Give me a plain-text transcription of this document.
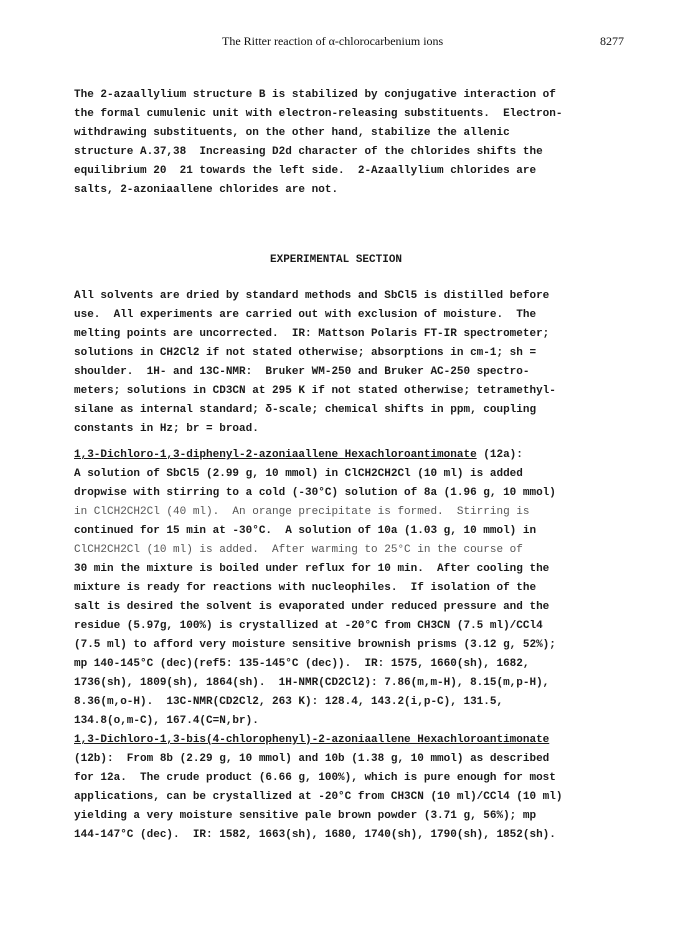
The Ritter reaction of α-chlorocarbenium ions	8277
The 2-azaallylium structure B is stabilized by conjugative interaction of
the formal cumulenic unit with electron-releasing substituents.  Electron-
withdrawing substituents, on the other hand, stabilize the allenic
structure A.37,38  Increasing D2d character of the chlorides shifts the
equilibrium 20  21 towards the left side.  2-Azaallylium chlorides are
salts, 2-azoniaallene chlorides are not.
EXPERIMENTAL SECTION
All solvents are dried by standard methods and SbCl5 is distilled before
use.  All experiments are carried out with exclusion of moisture.  The
melting points are uncorrected.  IR: Mattson Polaris FT-IR spectrometer;
solutions in CH2Cl2 if not stated otherwise; absorptions in cm-1; sh =
shoulder.  1H- and 13C-NMR:  Bruker WM-250 and Bruker AC-250 spectro-
meters; solutions in CD3CN at 295 K if not stated otherwise; tetramethyl-
silane as internal standard; δ-scale; chemical shifts in ppm, coupling
constants in Hz; br = broad.
1,3-Dichloro-1,3-diphenyl-2-azoniaallene Hexachloroantimonate (12a):
A solution of SbCl5 (2.99 g, 10 mmol) in ClCH2CH2Cl (10 ml) is added
dropwise with stirring to a cold (-30°C) solution of 8a (1.96 g, 10 mmol)
in ClCH2CH2Cl (40 ml).  An orange precipitate is formed.  Stirring is
continued for 15 min at -30°C.  A solution of 10a (1.03 g, 10 mmol) in
ClCH2CH2Cl (10 ml) is added.  After warming to 25°C in the course of
30 min the mixture is boiled under reflux for 10 min.  After cooling the
mixture is ready for reactions with nucleophiles.  If isolation of the
salt is desired the solvent is evaporated under reduced pressure and the
residue (5.97g, 100%) is crystallized at -20°C from CH3CN (7.5 ml)/CCl4
(7.5 ml) to afford very moisture sensitive brownish prisms (3.12 g, 52%);
mp 140-145°C (dec)(ref5: 135-145°C (dec)).  IR: 1575, 1660(sh), 1682,
1736(sh), 1809(sh), 1864(sh).  1H-NMR(CD2Cl2): 7.86(m,m-H), 8.15(m,p-H),
8.36(m,o-H).  13C-NMR(CD2Cl2, 263 K): 128.4, 143.2(i,p-C), 131.5,
134.8(o,m-C), 167.4(C=N,br).
1,3-Dichloro-1,3-bis(4-chlorophenyl)-2-azoniaallene Hexachloroantimonate
(12b):  From 8b (2.29 g, 10 mmol) and 10b (1.38 g, 10 mmol) as described
for 12a.  The crude product (6.66 g, 100%), which is pure enough for most
applications, can be crystallized at -20°C from CH3CN (10 ml)/CCl4 (10 ml)
yielding a very moisture sensitive pale brown powder (3.71 g, 56%); mp
144-147°C (dec).  IR: 1582, 1663(sh), 1680, 1740(sh), 1790(sh), 1852(sh).
